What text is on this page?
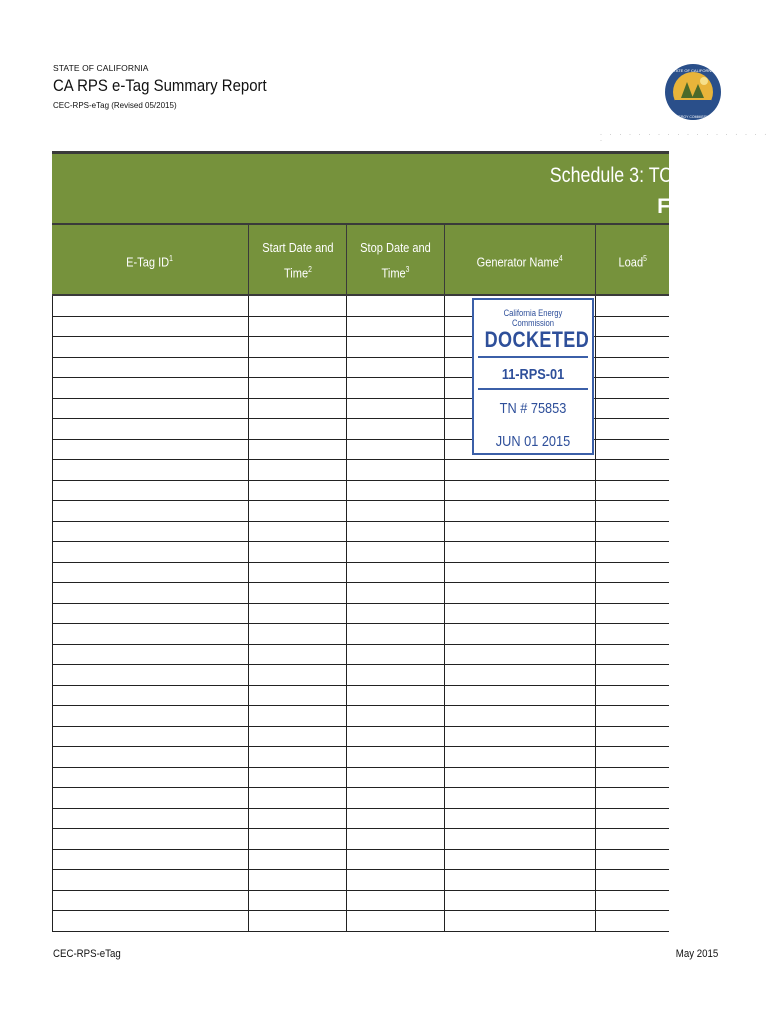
STATE OF CALIFORNIA
CA RPS e-Tag Summary Report
CEC-RPS-eTag (Revised 05/2015)
STATE OF CALIFORNIA
ENERGY COMMISSION
· · · · · · · · · · · · · · · · · · ·
Schedule 3: TO
F
E-Tag $ID^1$
Start Date and
Time$^2$
Stop Date and Time$^3$
Generator Name$^4$	Load$^5$
California Energy Commission
DOCKETED
11-RPS-01
TN # 75853
JUN 01 2015
CEC-RPS-eTag	May 2015
